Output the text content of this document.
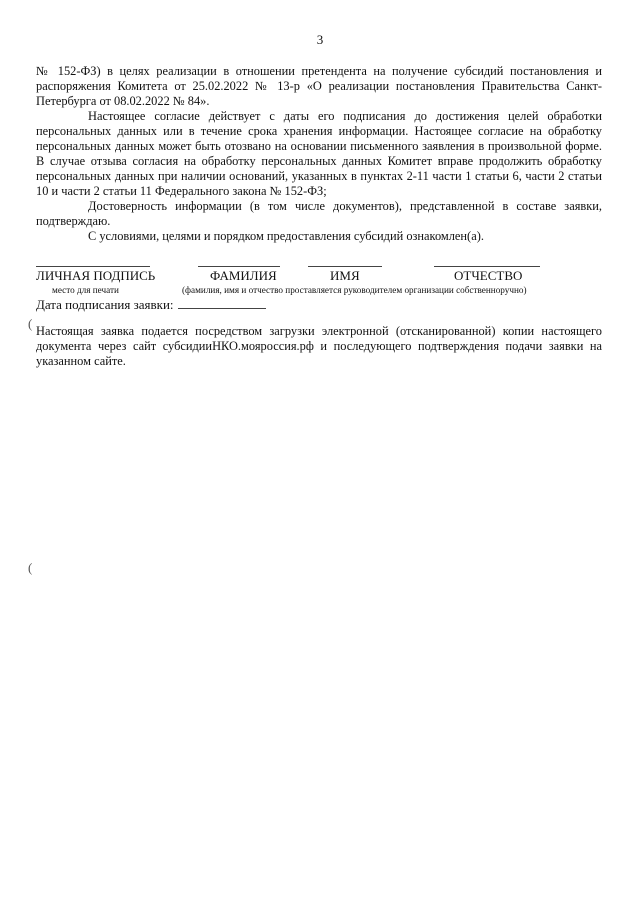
3

№ 152-ФЗ) в целях реализации в отношении претендента на получение субсидий постановления и распоряжения Комитета от 25.02.2022 № 13-р «О реализации постановления Правительства Санкт-Петербурга от 08.02.2022 № 84».

Настоящее согласие действует с даты его подписания до достижения целей обработки персональных данных или в течение срока хранения информации. Настоящее согласие на обработку персональных данных может быть отозвано на основании письменного заявления в произвольной форме. В случае отзыва согласия на обработку персональных данных Комитет вправе продолжить обработку персональных данных при наличии оснований, указанных в пунктах 2-11 части 1 статьи 6, части 2 статьи 10 и части 2 статьи 11 Федерального закона № 152-ФЗ;

Достоверность информации (в том числе документов), представленной в составе заявки, подтверждаю.

С условиями, целями и порядком предоставления субсидий ознакомлен(а).

ЛИЧНАЯ ПОДПИСЬ	ФАМИЛИЯ	ИМЯ	ОТЧЕСТВО
место для печати	(фамилия, имя и отчество проставляется руководителем организации собственноручно)
Дата подписания заявки:
(
(
Настоящая заявка подается посредством загрузки электронной (отсканированной) копии настоящего документа через сайт субсидииНКО.мояроссия.рф и последующего подтверждения подачи заявки на указанном сайте.
